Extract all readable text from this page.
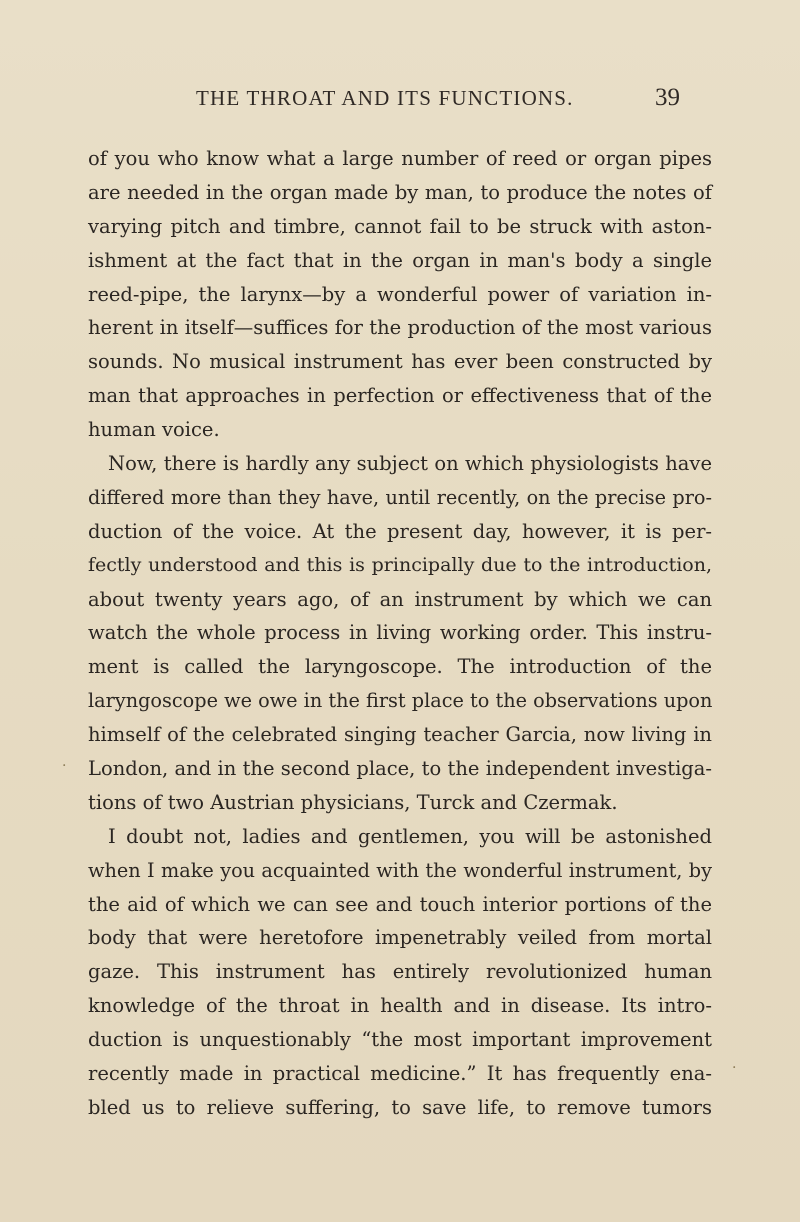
THE THROAT AND ITS FUNCTIONS.	39
of you who know what a large number of reed or organ pipes
are needed in the organ made by man, to produce the notes of
varying pitch and timbre, cannot fail to be struck with aston-
ishment at the fact that in the organ in man's body a single
reed-pipe, the larynx—by a wonderful power of variation in-
herent in itself—suffices for the production of the most various
sounds. No musical instrument has ever been constructed by
man that approaches in perfection or effectiveness that of the
human voice.
Now, there is hardly any subject on which physiologists have
differed more than they have, until recently, on the precise pro-
duction of the voice. At the present day, however, it is per-
fectly understood and this is principally due to the introduction,
about twenty years ago, of an instrument by which we can
watch the whole process in living working order. This instru-
ment is called the laryngoscope. The introduction of the
laryngoscope we owe in the first place to the observations upon
himself of the celebrated singing teacher Garcia, now living in
London, and in the second place, to the independent investiga-
tions of two Austrian physicians, Turck and Czermak.
I doubt not, ladies and gentlemen, you will be astonished
when I make you acquainted with the wonderful instrument, by
the aid of which we can see and touch interior portions of the
body that were heretofore impenetrably veiled from mortal
gaze. This instrument has entirely revolutionized human
knowledge of the throat in health and in disease. Its intro-
duction is unquestionably “the most important improvement
recently made in practical medicine.” It has frequently ena-
bled us to relieve suffering, to save life, to remove tumors
·
·
